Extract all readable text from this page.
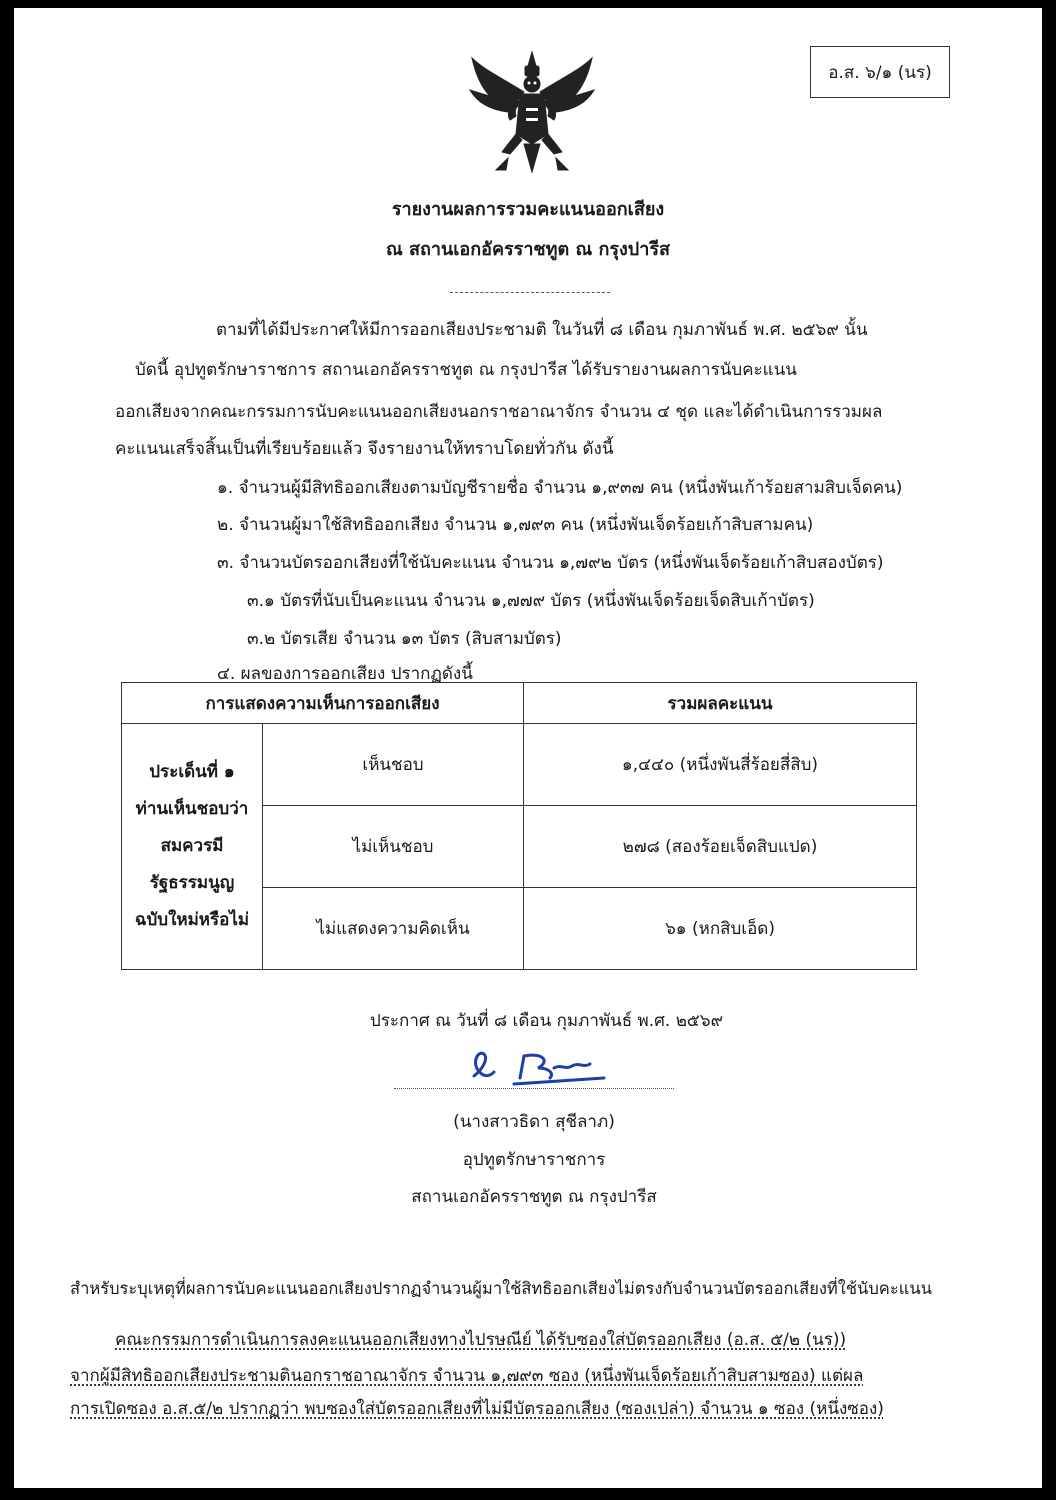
อ.ส. ๖/๑ (นร)
รายงานผลการรวมคะแนนออกเสียง
ณ สถานเอกอัครราชทูต ณ กรุงปารีส
ตามที่ได้มีประกาศให้มีการออกเสียงประชามติ ในวันที่ ๘ เดือน กุมภาพันธ์ พ.ศ. ๒๕๖๙ นั้น
บัดนี้ อุปทูตรักษาราชการ สถานเอกอัครราชทูต ณ กรุงปารีส ได้รับรายงานผลการนับคะแนน
ออกเสียงจากคณะกรรมการนับคะแนนออกเสียงนอกราชอาณาจักร จำนวน ๔ ชุด และได้ดำเนินการรวมผล
คะแนนเสร็จสิ้นเป็นที่เรียบร้อยแล้ว จึงรายงานให้ทราบโดยทั่วกัน ดังนี้
๑. จำนวนผู้มีสิทธิออกเสียงตามบัญชีรายชื่อ จำนวน ๑,๙๓๗ คน (หนึ่งพันเก้าร้อยสามสิบเจ็ดคน)
๒. จำนวนผู้มาใช้สิทธิออกเสียง จำนวน ๑,๗๙๓ คน (หนึ่งพันเจ็ดร้อยเก้าสิบสามคน)
๓. จำนวนบัตรออกเสียงที่ใช้นับคะแนน จำนวน ๑,๗๙๒ บัตร (หนึ่งพันเจ็ดร้อยเก้าสิบสองบัตร)
๓.๑ บัตรที่นับเป็นคะแนน จำนวน ๑,๗๗๙ บัตร (หนึ่งพันเจ็ดร้อยเจ็ดสิบเก้าบัตร)
๓.๒ บัตรเสีย จำนวน ๑๓ บัตร (สิบสามบัตร)
๔. ผลของการออกเสียง ปรากฏดังนี้
การแสดงความเห็นการออกเสียง		รวมผลคะแนน

ประเด็นที่ ๑
ท่านเห็นชอบว่า
สมควรมี
รัฐธรรมนูญ
ฉบับใหม่หรือไม่	เห็นชอบ	๑,๔๔๐ (หนึ่งพันสี่ร้อยสี่สิบ)
	ไม่เห็นชอบ	๒๗๘ (สองร้อยเจ็ดสิบแปด)
	ไม่แสดงความคิดเห็น	๖๑ (หกสิบเอ็ด)
ประกาศ ณ วันที่ ๘ เดือน กุมภาพันธ์ พ.ศ. ๒๕๖๙
(นางสาวธิดา สุชีลาภ)
อุปทูตรักษาราชการ
สถานเอกอัครราชทูต ณ กรุงปารีส
สำหรับระบุเหตุที่ผลการนับคะแนนออกเสียงปรากฏจำนวนผู้มาใช้สิทธิออกเสียงไม่ตรงกับจำนวนบัตรออกเสียงที่ใช้นับคะแนน
คณะกรรมการดำเนินการลงคะแนนออกเสียงทางไปรษณีย์ ได้รับซองใส่บัตรออกเสียง (อ.ส. ๕/๒ (นร))
จากผู้มีสิทธิออกเสียงประชามตินอกราชอาณาจักร จำนวน ๑,๗๙๓ ซอง (หนึ่งพันเจ็ดร้อยเก้าสิบสามซอง) แต่ผล
การเปิดซอง อ.ส.๕/๒ ปรากฏว่า พบซองใส่บัตรออกเสียงที่ไม่มีบัตรออกเสียง (ซองเปล่า) จำนวน ๑ ซอง (หนึ่งซอง)
